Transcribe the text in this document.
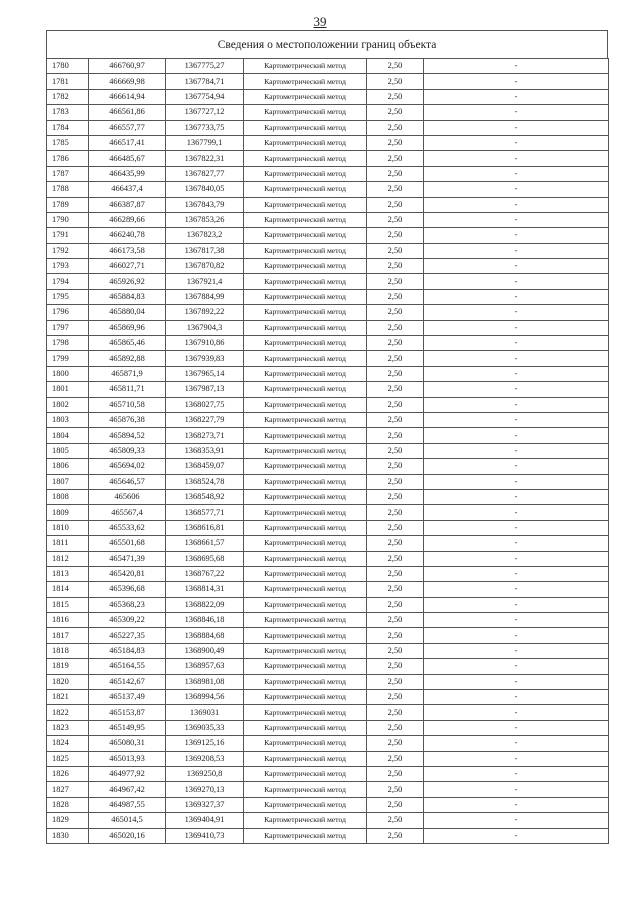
39
Сведения о местоположении границ объекта
1780	466760,97	1367775,27	Картометрический метод	2,50	-
1781	466669,98	1367784,71	Картометрический метод	2,50	-
1782	466614,94	1367754,94	Картометрический метод	2,50	-
1783	466561,86	1367727,12	Картометрический метод	2,50	-
1784	466557,77	1367733,75	Картометрический метод	2,50	-
1785	466517,41	1367799,1	Картометрический метод	2,50	-
1786	466485,67	1367822,31	Картометрический метод	2,50	-
1787	466435,99	1367827,77	Картометрический метод	2,50	-
1788	466437,4	1367840,05	Картометрический метод	2,50	-
1789	466387,87	1367843,79	Картометрический метод	2,50	-
1790	466289,66	1367853,26	Картометрический метод	2,50	-
1791	466240,78	1367823,2	Картометрический метод	2,50	-
1792	466173,58	1367817,38	Картометрический метод	2,50	-
1793	466027,71	1367870,82	Картометрический метод	2,50	-
1794	465926,92	1367921,4	Картометрический метод	2,50	-
1795	465884,83	1367884,99	Картометрический метод	2,50	-
1796	465880,04	1367892,22	Картометрический метод	2,50	-
1797	465869,96	1367904,3	Картометрический метод	2,50	-
1798	465865,46	1367910,86	Картометрический метод	2,50	-
1799	465892,88	1367939,83	Картометрический метод	2,50	-
1800	465871,9	1367965,14	Картометрический метод	2,50	-
1801	465811,71	1367987,13	Картометрический метод	2,50	-
1802	465710,58	1368027,75	Картометрический метод	2,50	-
1803	465876,38	1368227,79	Картометрический метод	2,50	-
1804	465894,52	1368273,71	Картометрический метод	2,50	-
1805	465809,33	1368353,91	Картометрический метод	2,50	-
1806	465694,02	1368459,07	Картометрический метод	2,50	-
1807	465646,57	1368524,78	Картометрический метод	2,50	-
1808	465606	1368548,92	Картометрический метод	2,50	-
1809	465567,4	1368577,71	Картометрический метод	2,50	-
1810	465533,62	1368616,81	Картометрический метод	2,50	-
1811	465501,68	1368661,57	Картометрический метод	2,50	-
1812	465471,39	1368695,68	Картометрический метод	2,50	-
1813	465420,81	1368767,22	Картометрический метод	2,50	-
1814	465396,68	1368814,31	Картометрический метод	2,50	-
1815	465368,23	1368822,09	Картометрический метод	2,50	-
1816	465309,22	1368846,18	Картометрический метод	2,50	-
1817	465227,35	1368884,68	Картометрический метод	2,50	-
1818	465184,83	1368900,49	Картометрический метод	2,50	-
1819	465164,55	1368957,63	Картометрический метод	2,50	-
1820	465142,67	1368981,08	Картометрический метод	2,50	-
1821	465137,49	1368994,56	Картометрический метод	2,50	-
1822	465153,87	1369031	Картометрический метод	2,50	-
1823	465149,95	1369035,33	Картометрический метод	2,50	-
1824	465080,31	1369125,16	Картометрический метод	2,50	-
1825	465013,93	1369208,53	Картометрический метод	2,50	-
1826	464977,92	1369250,8	Картометрический метод	2,50	-
1827	464967,42	1369270,13	Картометрический метод	2,50	-
1828	464987,55	1369327,37	Картометрический метод	2,50	-
1829	465014,5	1369404,91	Картометрический метод	2,50	-
1830	465020,16	1369410,73	Картометрический метод	2,50	-
